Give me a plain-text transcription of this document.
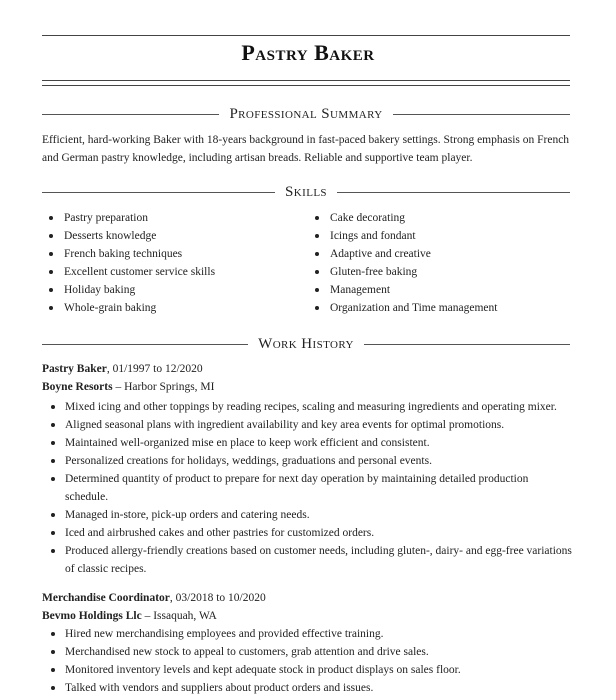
Pastry Baker
Professional Summary
Efficient, hard-working Baker with 18-years background in fast-paced bakery settings. Strong emphasis on French and German pastry knowledge, including artisan breads. Reliable and supportive team player.
Skills
Pastry preparation
Desserts knowledge
French baking techniques
Excellent customer service skills
Holiday baking
Whole-grain baking
Cake decorating
Icings and fondant
Adaptive and creative
Gluten-free baking
Management
Organization and Time management
Work History
Pastry Baker, 01/1997 to 12/2020
Boyne Resorts – Harbor Springs, MI
Mixed icing and other toppings by reading recipes, scaling and measuring ingredients and operating mixer.
Aligned seasonal plans with ingredient availability and key area events for optimal promotions.
Maintained well-organized mise en place to keep work efficient and consistent.
Personalized creations for holidays, weddings, graduations and personal events.
Determined quantity of product to prepare for next day operation by maintaining detailed production schedule.
Managed in-store, pick-up orders and catering needs.
Iced and airbrushed cakes and other pastries for customized orders.
Produced allergy-friendly creations based on customer needs, including gluten-, dairy- and egg-free variations of classic recipes.
Merchandise Coordinator, 03/2018 to 10/2020
Bevmo Holdings Llc – Issaquah, WA
Hired new merchandising employees and provided effective training.
Merchandised new stock to appeal to customers, grab attention and drive sales.
Monitored inventory levels and kept adequate stock in product displays on sales floor.
Talked with vendors and suppliers about product orders and issues.
